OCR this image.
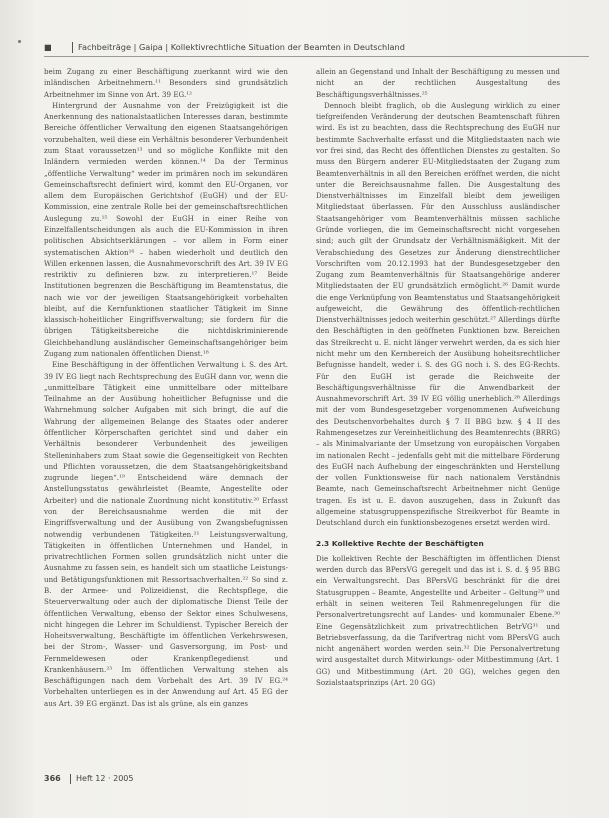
■	Fachbeiträge | Gaipa | Kollektivrechtliche Situation der Beamten in Deutschland

beim Zugang zu einer Beschäftigung zuerkannt wird wie den inländischen Arbeitnehmern.¹¹ Besonders sind grundsätzlich Arbeitnehmer im Sinne von Art. 39 EG.¹²

Hintergrund der Ausnahme von der Freizügigkeit ist die Anerkennung des nationalstaatlichen Interesses daran, bestimmte Bereiche öffentlicher Verwaltung den eigenen Staatsangehörigen vorzubehalten, weil diese ein Verhältnis besonderer Verbundenheit zum Staat voraussetzen¹³ und so mögliche Konflikte mit den Inländern vermieden werden können.¹⁴ Da der Terminus „öffentliche Verwaltung“ weder im primären noch im sekundären Gemeinschaftsrecht definiert wird, kommt den EU-Organen, vor allem dem Europäischen Gerichtshof (EuGH) und der EU-Kommission, eine zentrale Rolle bei der gemeinschaftsrechtlichen Auslegung zu.¹⁵ Sowohl der EuGH in einer Reihe von Einzelfallentscheidungen als auch die EU-Kommission in ihren politischen Absichtserklärungen – vor allem in Form einer systematischen Aktion¹⁶ – haben wiederholt und deutlich den Willen erkennen lassen, die Ausnahmevorschrift des Art. 39 IV EG restriktiv zu definieren bzw. zu interpretieren.¹⁷ Beide Institutionen begrenzen die Beschäftigung im Beamtenstatus, die nach wie vor der jeweiligen Staatsangehörigkeit vorbehalten bleibt, auf die Kernfunktionen staatlicher Tätigkeit im Sinne klassisch-hoheitlicher Eingriffsverwaltung; sie fordern für die übrigen Tätigkeitsbereiche die nichtdiskriminierende Gleichbehandlung ausländischer Gemeinschaftsangehöriger beim Zugang zum nationalen öffentlichen Dienst.¹⁸

Eine Beschäftigung in der öffentlichen Verwaltung i. S. des Art. 39 IV EG liegt nach Rechtsprechung des EuGH dann vor, wenn die „unmittelbare Tätigkeit eine unmittelbare oder mittelbare Teilnahme an der Ausübung hoheitlicher Befugnisse und die Wahrnehmung solcher Aufgaben mit sich bringt, die auf die Wahrung der allgemeinen Belange des Staates oder anderer öffentlicher Körperschaften gerichtet sind und daher ein Verhältnis besonderer Verbundenheit des jeweiligen Stelleninhabers zum Staat sowie die Gegenseitigkeit von Rechten und Pflichten voraussetzen, die dem Staatsangehörigkeitsband zugrunde liegen“.¹⁹ Entscheidend wäre demnach der Anstellungsstatus gewährleistet (Beamte, Angestellte oder Arbeiter) und die nationale Zuordnung nicht konstitutiv.²⁰ Erfasst von der Bereichsausnahme werden die mit der Eingriffsverwaltung und der Ausübung von Zwangsbefugnissen notwendig verbundenen Tätigkeiten.²¹ Leistungsverwaltung, Tätigkeiten in öffentlichen Unternehmen und Handel, in privatrechtlichen Formen sollen grundsätzlich nicht unter die Ausnahme zu fassen sein, es handelt sich um staatliche Leistungs- und Betätigungsfunktionen mit Ressortsachverhalten.²² So sind z. B. der Armee- und Polizeidienst, die Rechtspflege, die Steuerverwaltung oder auch der diplomatische Dienst Teile der öffentlichen Verwaltung, ebenso der Sektor eines Schulwesens, nicht hingegen die Lehrer im Schuldienst. Typischer Bereich der Hoheitsverwaltung, Beschäftigte im öffentlichen Verkehrswesen, bei der Strom-, Wasser- und Gasversorgung, im Post- und Fernmeldewesen oder Krankenpflegedienst und Krankenhäusern.²³ Im öffentlichen Verwaltung stehen als Beschäftigungen nach dem Vorbehalt des Art. 39 IV EG.²⁴ Vorbehalten unterliegen es in der Anwendung auf Art. 45 EG der aus Art. 39 EG ergänzt. Das ist als grüne, als ein ganzes

allein an Gegenstand und Inhalt der Beschäftigung zu messen und nicht an der rechtlichen Ausgestaltung des Beschäftigungsverhältnisses.²⁵

Dennoch bleibt fraglich, ob die Auslegung wirklich zu einer tiefgreifenden Veränderung der deutschen Beamtenschaft führen wird. Es ist zu beachten, dass die Rechtsprechung des EuGH nur bestimmte Sachverhalte erfasst und die Mitgliedstaaten nach wie vor frei sind, das Recht des öffentlichen Dienstes zu gestalten. So muss den Bürgern anderer EU-Mitgliedstaaten der Zugang zum Beamtenverhältnis in all den Bereichen eröffnet werden, die nicht unter die Bereichsausnahme fallen. Die Ausgestaltung des Dienstverhältnisses im Einzelfall bleibt dem jeweiligen Mitgliedstaat überlassen. Für den Ausschluss ausländischer Staatsangehöriger vom Beamtenverhältnis müssen sachliche Gründe vorliegen, die im Gemeinschaftsrecht nicht vorgesehen sind; auch gilt der Grundsatz der Verhältnismäßigkeit. Mit der Verabschiedung des Gesetzes zur Änderung dienstrechtlicher Vorschriften vom 20.12.1993 hat der Bundesgesetzgeber den Zugang zum Beamtenverhältnis für Staatsangehörige anderer Mitgliedstaaten der EU grundsätzlich ermöglicht.²⁶ Damit wurde die enge Verknüpfung von Beamtenstatus und Staatsangehörigkeit aufgeweicht, die Gewährung des öffentlich-rechtlichen Dienstverhältnisses jedoch weiterhin geschützt.²⁷ Allerdings dürfte den Beschäftigten in den geöffneten Funktionen bzw. Bereichen das Streikrecht u. E. nicht länger verwehrt werden, da es sich hier nicht mehr um den Kernbereich der Ausübung hoheitsrechtlicher Befugnisse handelt, weder i. S. des GG noch i. S. des EG-Rechts. Für den EuGH ist gerade die Reichweite der Beschäftigungsverhältnisse für die Anwendbarkeit der Ausnahmevorschrift Art. 39 IV EG völlig unerheblich.²⁸ Allerdings mit der vom Bundesgesetzgeber vorgenommenen Aufweichung des Deutschenvorbehaltes durch § 7 II BBG bzw. § 4 II des Rahmengesetzes zur Vereinheitlichung des Beamtenrechts (BRRG) – als Minimalvariante der Umsetzung von europäischen Vorgaben im nationalen Recht – jedenfalls geht mit die mittelbare Förderung des EuGH nach Aufhebung der eingeschränkten und Herstellung der vollen Funktionsweise für nach nationalem Verständnis Beamte, nach Gemeinschaftsrecht Arbeitnehmer nicht Genüge tragen. Es ist u. E. davon auszugehen, dass in Zukunft das allgemeine statusgruppenspezifische Streikverbot für Beamte in Deutschland durch ein funktionsbezogenes ersetzt werden wird.

2.3 Kollektive Rechte der Beschäftigten

Die kollektiven Rechte der Beschäftigten im öffentlichen Dienst werden durch das BPersVG geregelt und das ist i. S. d. § 95 BBG ein Verwaltungsrecht. Das BPersVG beschränkt für die drei Statusgruppen – Beamte, Angestellte und Arbeiter – Geltung²⁹ und erhält in seinen weiteren Teil Rahmenregelungen für die Personalvertretungsrecht auf Landes- und kommunaler Ebene.³⁰ Eine Gegensätzlichkeit zum privatrechtlichen BetrVG³¹ und Betriebsverfassung, da die Tarifvertrag nicht vom BPersVG auch nicht angenähert worden werden sein.³² Die Personalvertretung wird ausgestaltet durch Mitwirkungs- oder Mitbestimmung (Art. 1 GG) und Mitbestimmung (Art. 20 GG), welches gegen den Sozialstaatsprinzips (Art. 20 GG)

366 Heft 12 · 2005
